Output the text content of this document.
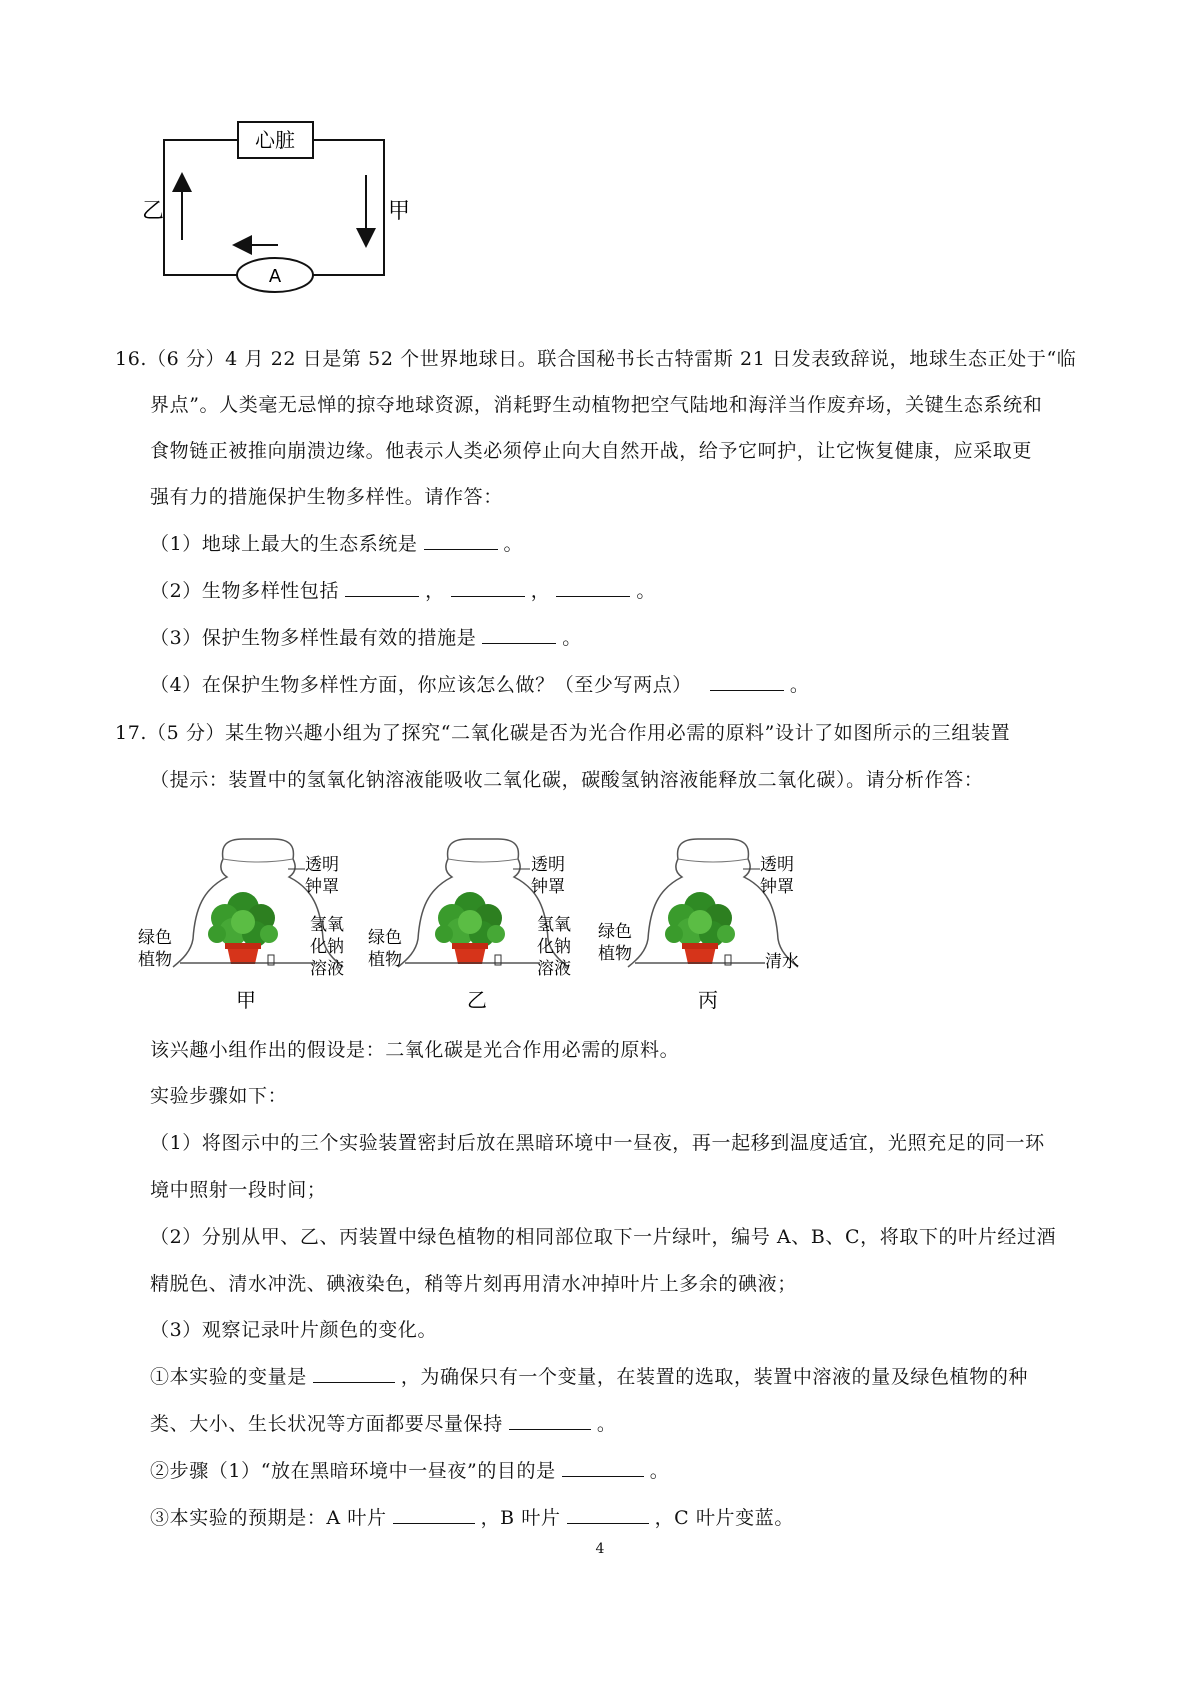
心脏
A
乙	甲
16.（6 分）4 月 22 日是第 52 个世界地球日。联合国秘书长古特雷斯 21 日发表致辞说，地球生态正处于“临
界点”。人类毫无忌惮的掠夺地球资源，消耗野生动植物把空气陆地和海洋当作废弃场，关键生态系统和
食物链正被推向崩溃边缘。他表示人类必须停止向大自然开战，给予它呵护，让它恢复健康，应采取更
强有力的措施保护生物多样性。请作答：
（1）地球上最大的生态系统是	。
（2）生物多样性包括	，	，	。
（3）保护生物多样性最有效的措施是	。
（4）在保护生物多样性方面，你应该怎么做？（至少写两点）	。
17.（5 分）某生物兴趣小组为了探究“二氧化碳是否为光合作用必需的原料”设计了如图所示的三组装置
（提示：装置中的氢氧化钠溶液能吸收二氧化碳，碳酸氢钠溶液能释放二氧化碳）。请分析作答：
透明
钟罩
氢氧
化钠
溶液
绿色
植物
甲
透明
钟罩
氢氧
化钠
溶液
绿色
植物
乙
透明
钟罩
清水
绿色
植物
丙
该兴趣小组作出的假设是：二氧化碳是光合作用必需的原料。
实验步骤如下：
（1）将图示中的三个实验装置密封后放在黑暗环境中一昼夜，再一起移到温度适宜，光照充足的同一环
境中照射一段时间；
（2）分别从甲、乙、丙装置中绿色植物的相同部位取下一片绿叶，编号 A、B、C，将取下的叶片经过酒
精脱色、清水冲洗、碘液染色，稍等片刻再用清水冲掉叶片上多余的碘液；
（3）观察记录叶片颜色的变化。
①本实验的变量是	，为确保只有一个变量，在装置的选取，装置中溶液的量及绿色植物的种
类、大小、生长状况等方面都要尽量保持	。
②步骤（1）“放在黑暗环境中一昼夜”的目的是	。
③本实验的预期是：A 叶片	，B 叶片	，C 叶片变蓝。
4
